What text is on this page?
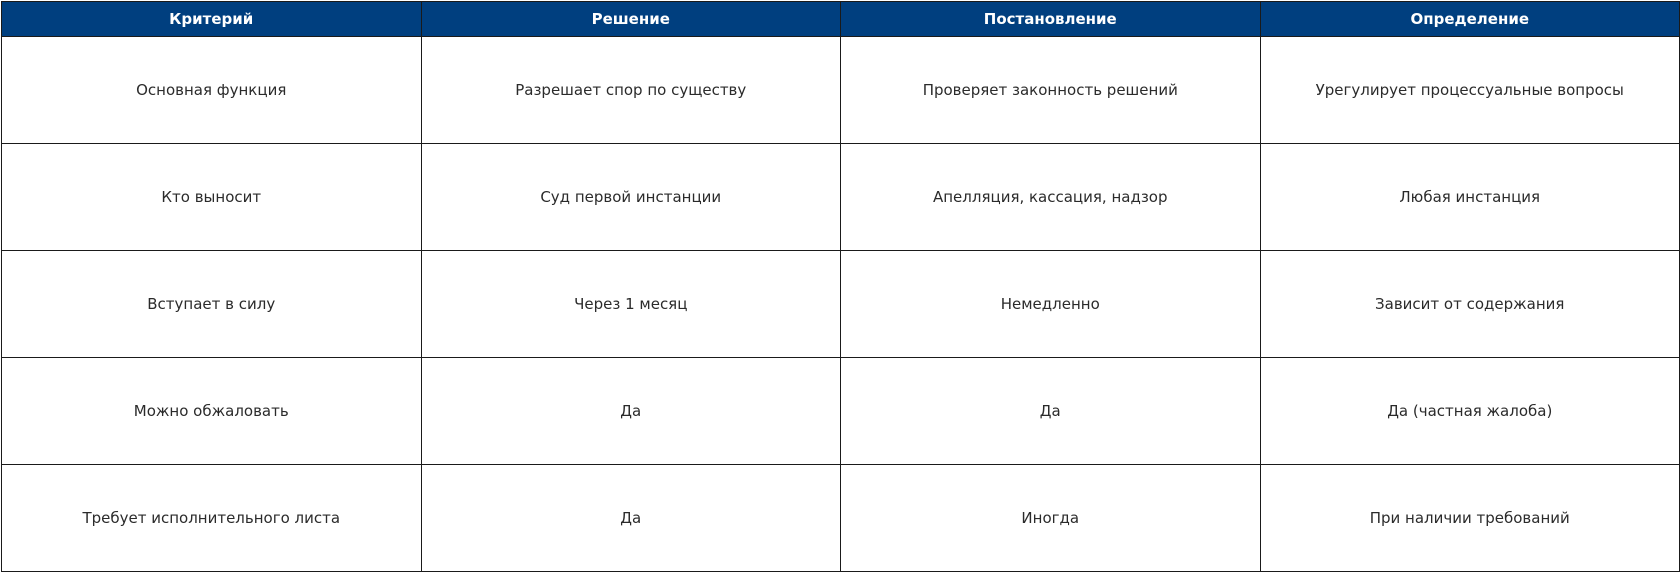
Критерий	Решение	Постановление	Определение
Основная функция	Разрешает спор по существу	Проверяет законность решений	Урегулирует процессуальные вопросы
Кто выносит	Суд первой инстанции	Апелляция, кассация, надзор	Любая инстанция
Вступает в силу	Через 1 месяц	Немедленно	Зависит от содержания
Можно обжаловать	Да	Да	Да (частная жалоба)
Требует исполнительного листа	Да	Иногда	При наличии требований
